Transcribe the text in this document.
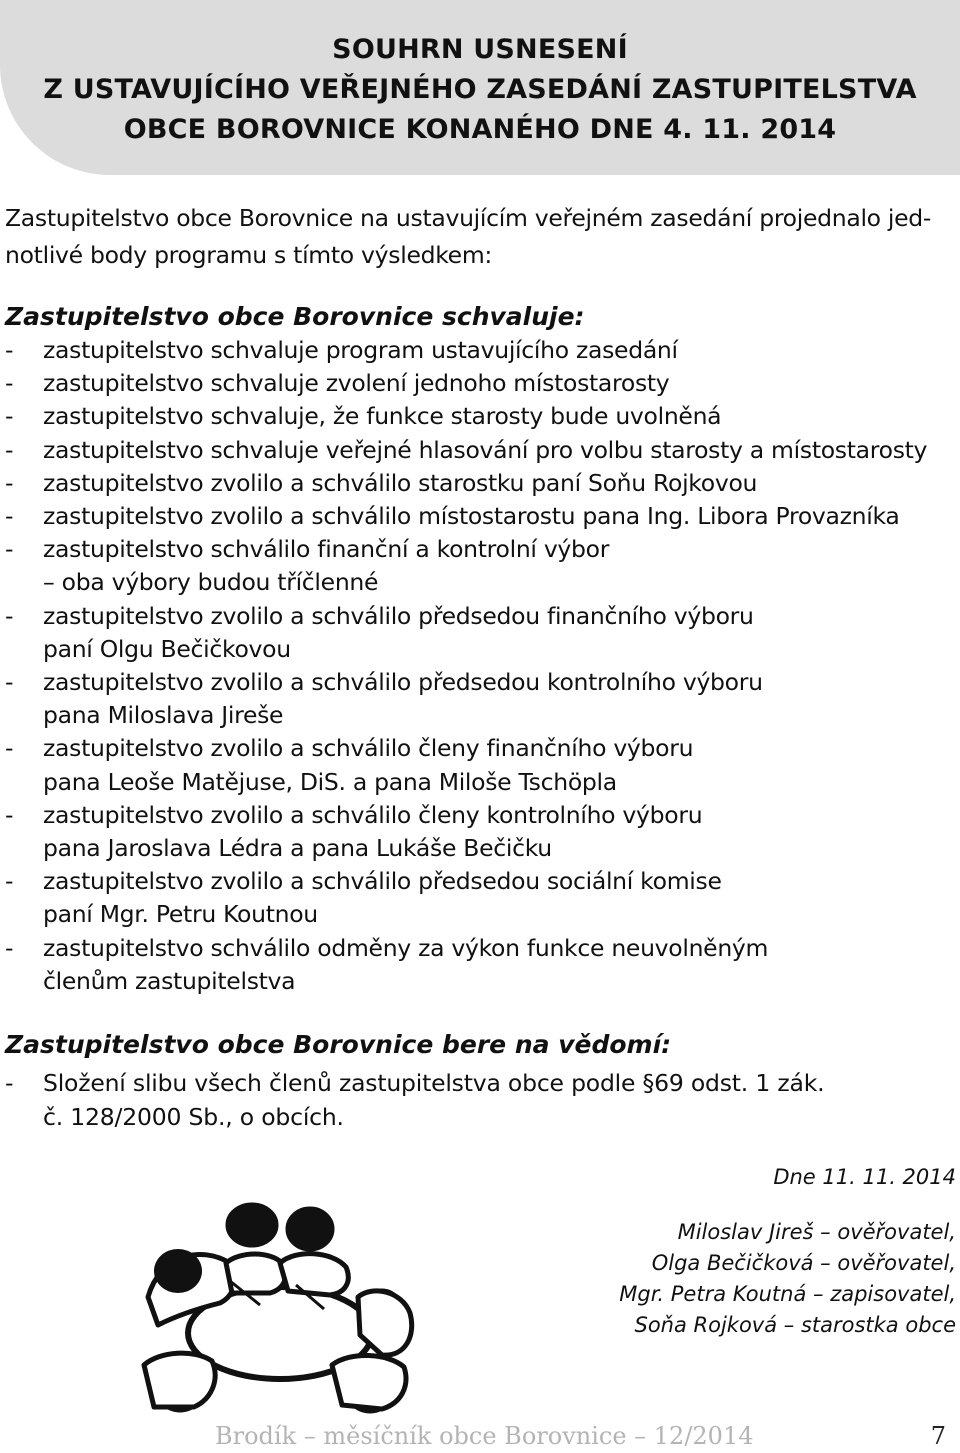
SOUHRN USNESENÍ
Z USTAVUJÍCÍHO VEŘEJNÉHO ZASEDÁNÍ ZASTUPITELSTVA
OBCE BOROVNICE KONANÉHO DNE 4. 11. 2014
Zastupitelstvo obce Borovnice na ustavujícím veřejném zasedání projednalo jed-
notlivé body programu s tímto výsledkem:
Zastupitelstvo obce Borovnice schvaluje:
- zastupitelstvo schvaluje program ustavujícího zasedání
- zastupitelstvo schvaluje zvolení jednoho místostarosty
- zastupitelstvo schvaluje, že funkce starosty bude uvolněná
- zastupitelstvo schvaluje veřejné hlasování pro volbu starosty a místostarosty
- zastupitelstvo zvolilo a schválilo starostku paní Soňu Rojkovou
- zastupitelstvo zvolilo a schválilo místostarostu pana Ing. Libora Provazníka
- zastupitelstvo schválilo finanční a kontrolní výbor
– oba výbory budou tříčlenné
- zastupitelstvo zvolilo a schválilo předsedou finančního výboru
paní Olgu Bečičkovou
- zastupitelstvo zvolilo a schválilo předsedou kontrolního výboru
pana Miloslava Jireše
- zastupitelstvo zvolilo a schválilo členy finančního výboru
pana Leoše Matějuse, DiS. a pana Miloše Tschöpla
- zastupitelstvo zvolilo a schválilo členy kontrolního výboru
pana Jaroslava Lédra a pana Lukáše Bečičku
- zastupitelstvo zvolilo a schválilo předsedou sociální komise
paní Mgr. Petru Koutnou
- zastupitelstvo schválilo odměny za výkon funkce neuvolněným
členům zastupitelstva
Zastupitelstvo obce Borovnice bere na vědomí:
- Složení slibu všech členů zastupitelstva obce podle §69 odst. 1 zák.
č. 128/2000 Sb., o obcích.
Dne 11. 11. 2014
Miloslav Jireš – ověřovatel,
Olga Bečičková – ověřovatel,
Mgr. Petra Koutná – zapisovatel,
Soňa Rojková – starostka obce
Brodík – měsíčník obce Borovnice – 12/2014	7
